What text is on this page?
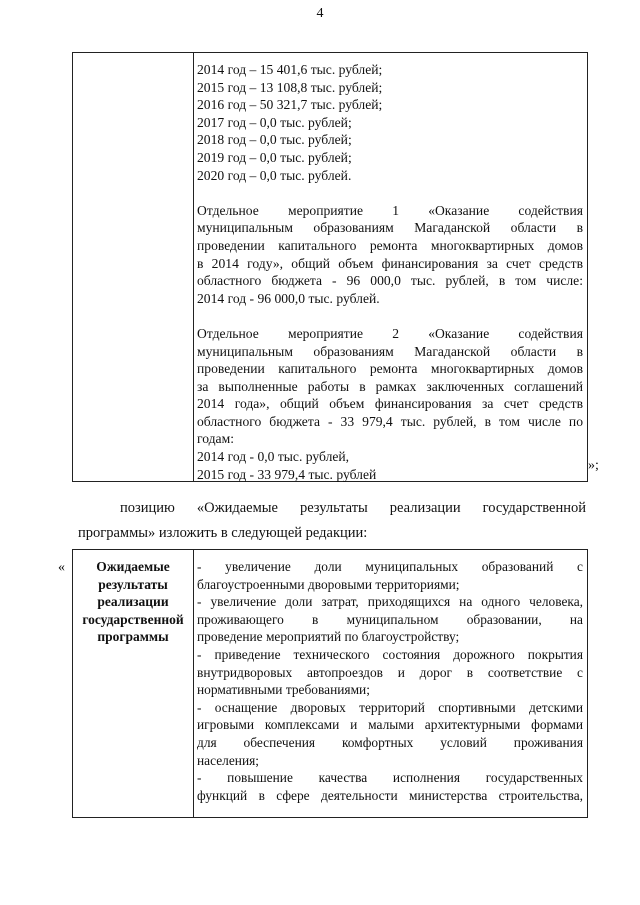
4
2014 год – 15 401,6 тыс. рублей;
2015 год – 13 108,8 тыс. рублей;
2016 год – 50 321,7 тыс. рублей;
2017 год – 0,0 тыс. рублей;
2018 год – 0,0 тыс. рублей;
2019 год – 0,0 тыс. рублей;
2020 год – 0,0 тыс. рублей.
Отдельное мероприятие 1 «Оказание содействия
муниципальным образованиям Магаданской области в
проведении капитального ремонта многоквартирных домов
в 2014 году», общий объем финансирования за счет средств
областного бюджета - 96 000,0 тыс. рублей, в том числе:
2014 год - 96 000,0 тыс. рублей.
Отдельное мероприятие 2 «Оказание содействия
муниципальным образованиям Магаданской области в
проведении капитального ремонта многоквартирных домов
за выполненные работы в рамках заключенных соглашений
2014 года», общий объем финансирования за счет средств
областного бюджета - 33 979,4 тыс. рублей, в том числе по
годам:
2014 год - 0,0 тыс. рублей,
2015 год - 33 979,4 тыс. рублей
»;
позицию «Ожидаемые результаты реализации государственной
программы» изложить в следующей редакции:
«	Ожидаемые
результаты
реализации
государственной
программы
- увеличение доли муниципальных образований с
благоустроенными дворовыми территориями;
- увеличение доли затрат, приходящихся на одного человека,
проживающего в муниципальном образовании, на
проведение мероприятий по благоустройству;
- приведение технического состояния дорожного покрытия
внутридворовых автопроездов и дорог в соответствие с
нормативными требованиями;
- оснащение дворовых территорий спортивными детскими
игровыми комплексами и малыми архитектурными формами
для обеспечения комфортных условий проживания
населения;
- повышение качества исполнения государственных
функций в сфере деятельности министерства строительства,
